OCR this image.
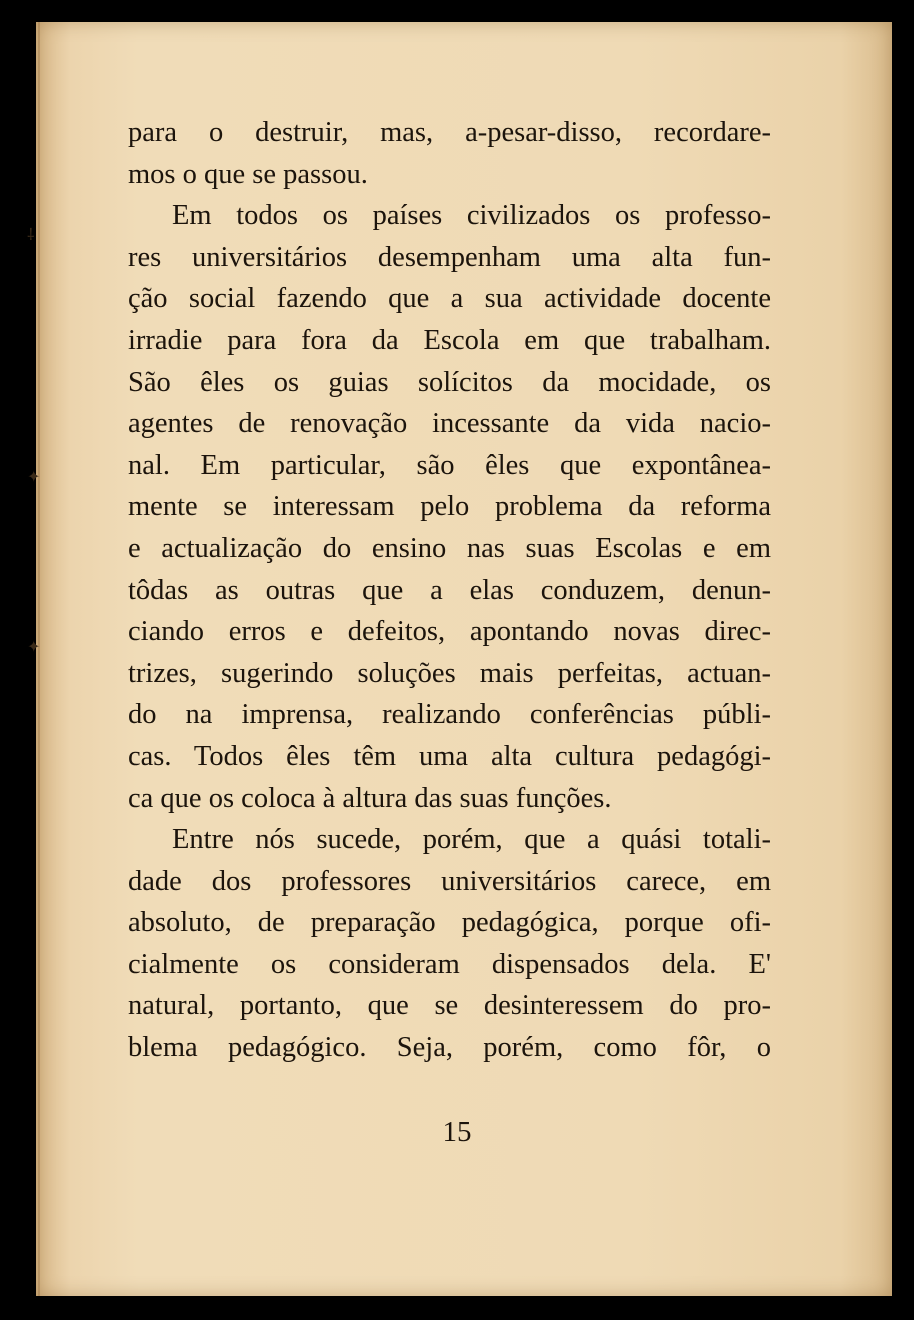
⸸
✦
✦

para o destruir, mas, a-pesar-disso, recordare-
mos o que se passou.

Em todos os países civilizados os professo-
res universitários desempenham uma alta fun-
ção social fazendo que a sua actividade docente
irradie para fora da Escola em que trabalham.
São êles os guias solícitos da mocidade, os
agentes de renovação incessante da vida nacio-
nal. Em particular, são êles que expontânea-
mente se interessam pelo problema da reforma
e actualização do ensino nas suas Escolas e em
tôdas as outras que a elas conduzem, denun-
ciando erros e defeitos, apontando novas direc-
trizes, sugerindo soluções mais perfeitas, actuan-
do na imprensa, realizando conferências públi-
cas. Todos êles têm uma alta cultura pedagógi-
ca que os coloca à altura das suas funções.

Entre nós sucede, porém, que a quási totali-
dade dos professores universitários carece, em
absoluto, de preparação pedagógica, porque ofi-
cialmente os consideram dispensados dela. E'
natural, portanto, que se desinteressem do pro-
blema pedagógico. Seja, porém, como fôr, o

15
